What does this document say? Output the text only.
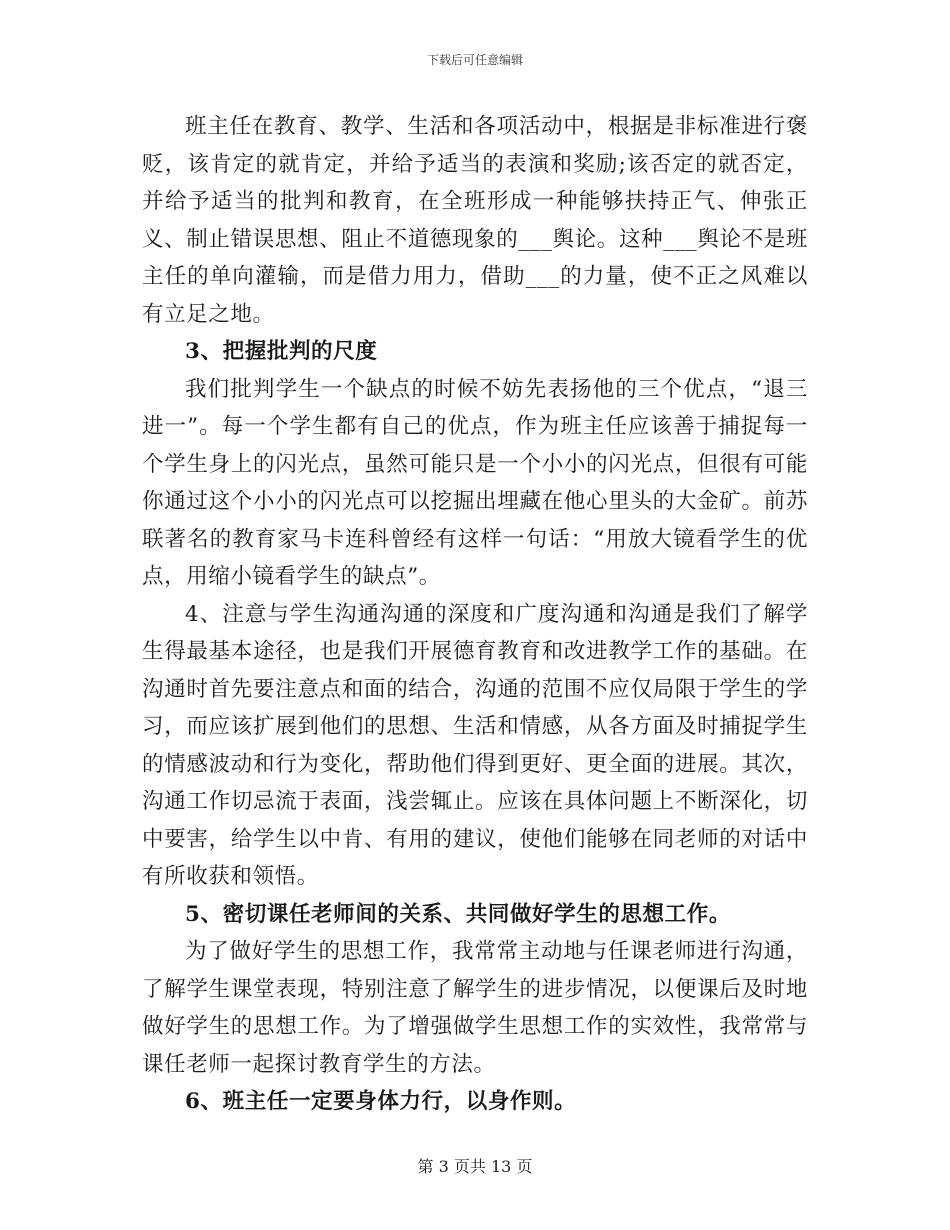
下载后可任意编辑

班主任在教育、教学、生活和各项活动中，根据是非标准进行褒贬，该肯定的就肯定，并给予适当的表演和奖励;该否定的就否定，并给予适当的批判和教育，在全班形成一种能够扶持正气、伸张正义、制止错误思想、阻止不道德现象的___舆论。这种___舆论不是班主任的单向灌输，而是借力用力，借助___的力量，使不正之风难以有立足之地。

3、把握批判的尺度

我们批判学生一个缺点的时候不妨先表扬他的三个优点，“退三进一”。每一个学生都有自己的优点，作为班主任应该善于捕捉每一个学生身上的闪光点，虽然可能只是一个小小的闪光点，但很有可能你通过这个小小的闪光点可以挖掘出埋藏在他心里头的大金矿。前苏联著名的教育家马卡连科曾经有这样一句话：“用放大镜看学生的优点，用缩小镜看学生的缺点”。

4、注意与学生沟通沟通的深度和广度沟通和沟通是我们了解学生得最基本途径，也是我们开展德育教育和改进教学工作的基础。在沟通时首先要注意点和面的结合，沟通的范围不应仅局限于学生的学习，而应该扩展到他们的思想、生活和情感，从各方面及时捕捉学生的情感波动和行为变化，帮助他们得到更好、更全面的进展。其次，沟通工作切忌流于表面，浅尝辄止。应该在具体问题上不断深化，切中要害，给学生以中肯、有用的建议，使他们能够在同老师的对话中有所收获和领悟。

5、密切课任老师间的关系、共同做好学生的思想工作。

为了做好学生的思想工作，我常常主动地与任课老师进行沟通，了解学生课堂表现，特别注意了解学生的进步情况，以便课后及时地做好学生的思想工作。为了增强做学生思想工作的实效性，我常常与课任老师一起探讨教育学生的方法。

6、班主任一定要身体力行，以身作则。

第 3 页共 13 页
